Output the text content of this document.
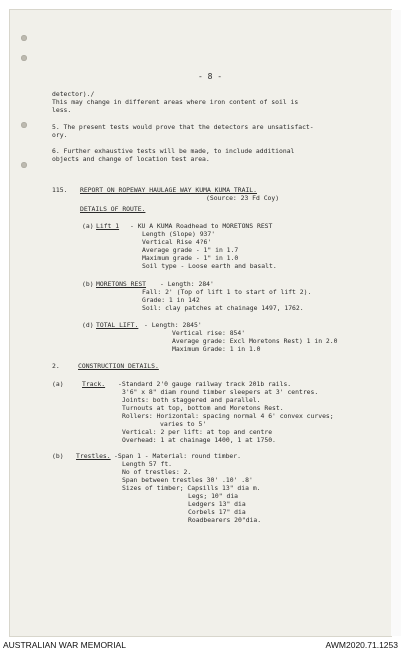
- 8 -
detector)./
This may change in different areas where iron content of soil is
less.
5. The present tests would prove that the detectors are unsatisfact-
ory.
6. Further exhaustive tests will be made, to include additional
objects and change of location test area.
115. REPORT ON ROPEWAY HAULAGE WAY KUMA KUMA TRAIL.
(Source: 23 Fd Coy)
DETAILS OF ROUTE.
(a) Lift 1 - KU A KUMA Roadhead to MORETONS REST
Length (Slope) 937'
Vertical Rise 4?6'
Average grade - 1" in 1.7
Maximum grade - 1" in 1.0
Soil type - Loose earth and basalt.
(b) MORETONS REST - Length: 284'
Fall: 2' (Top of lift 1 to start of lift 2).
Grade: 1 in 142
Soil: clay patches at chainage 1497, 1762.
(d) TOTAL LIFT. - Length: 2845'
Vertical rise: 854'
Average grade: Excl Moretons Rest) 1 in 2.0
Maximum Grade: 1 in 1.0
2.	CONSTRUCTION DETAILS.
(a)	Track. -Standard 2'0 gauge railway track 201b rails.
3'6" x 8" diam round timber sleepers at 3' centres.
Joints: both staggered and parallel.
Turnouts at top, bottom and Moretons Rest.
Rollers: Horizontal: spacing normal 4 6' convex curves;
varies to 5'
Vertical: 2 per lift: at top and centre
Overhead: 1 at chainage 1400, 1 at 1750.
(b) Trestles. -Span 1 - Material: round timber.
Length 57 ft.
No of trestles: 2.
Span between trestles 30' .10' .8'
Sizes of timber; Capsills 13" dia m.
Legs; 10" dia
Ledgers 13" dia
Corbels 17" dia
Roadbearers 20"dia.
AUSTRALIAN WAR MEMORIAL	AWM2020.71.1253
